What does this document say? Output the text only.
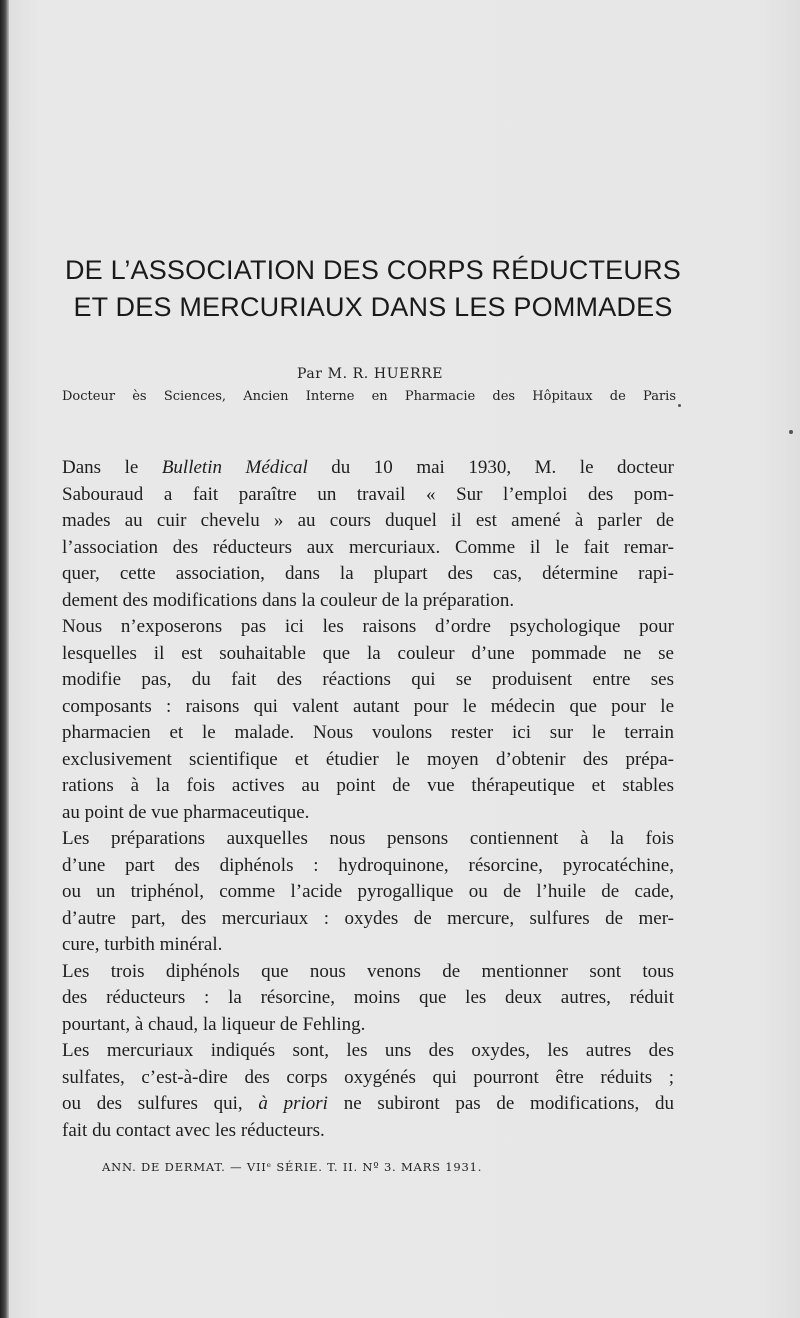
DE L’ASSOCIATION DES CORPS RÉDUCTEURS
ET DES MERCURIAUX DANS LES POMMADES
Par M. R. HUERRE
Docteur ès Sciences, Ancien Interne en Pharmacie des Hôpitaux de Paris
Dans le Bulletin Médical du 10 mai 1930, M. le docteur
Sabouraud a fait paraître un travail « Sur l’emploi des pom-
mades au cuir chevelu » au cours duquel il est amené à parler de
l’association des réducteurs aux mercuriaux. Comme il le fait remar-
quer, cette association, dans la plupart des cas, détermine rapi-
dement des modifications dans la couleur de la préparation.
Nous n’exposerons pas ici les raisons d’ordre psychologique pour
lesquelles il est souhaitable que la couleur d’une pommade ne se
modifie pas, du fait des réactions qui se produisent entre ses
composants : raisons qui valent autant pour le médecin que pour le
pharmacien et le malade. Nous voulons rester ici sur le terrain
exclusivement scientifique et étudier le moyen d’obtenir des prépa-
rations à la fois actives au point de vue thérapeutique et stables
au point de vue pharmaceutique.
Les préparations auxquelles nous pensons contiennent à la fois
d’une part des diphénols : hydroquinone, résorcine, pyrocatéchine,
ou un triphénol, comme l’acide pyrogallique ou de l’huile de cade,
d’autre part, des mercuriaux : oxydes de mercure, sulfures de mer-
cure, turbith minéral.
Les trois diphénols que nous venons de mentionner sont tous
des réducteurs : la résorcine, moins que les deux autres, réduit
pourtant, à chaud, la liqueur de Fehling.
Les mercuriaux indiqués sont, les uns des oxydes, les autres des
sulfates, c’est-à-dire des corps oxygénés qui pourront être réduits ;
ou des sulfures qui, à priori ne subiront pas de modifications, du
fait du contact avec les réducteurs.
ANN. DE DERMAT. — VIIᵉ SÉRIE. T. II. Nº 3. MARS 1931.
